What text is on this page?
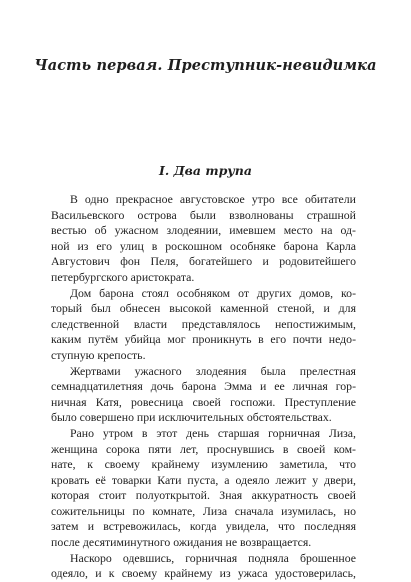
Часть первая. Преступник-невидимка
I. Два трупа

В одно прекрасное августовское утро все обитатели
Васильевского острова были взволнованы страшной
вестью об ужасном злодеянии, имевшем место на од-
ной из его улиц в роскошном особняке барона Карла
Августович фон Пеля, богатейшего и родовитейшего
петербургского аристократа.

Дом барона стоял особняком от других домов, ко-
торый был обнесен высокой каменной стеной, и для
следственной власти представлялось непостижимым,
каким путём убийца мог проникнуть в его почти недо-
ступную крепость.

Жертвами ужасного злодеяния была прелестная
семнадцатилетняя дочь барона Эмма и ее личная гор-
ничная Катя, ровесница своей госпожи. Преступление
было совершено при исключительных обстоятельствах.

Рано утром в этот день старшая горничная Лиза,
женщина сорока пяти лет, проснувшись в своей ком-
нате, к своему крайнему изумлению заметила, что
кровать её товарки Кати пуста, а одеяло лежит у двери,
которая стоит полуоткрытой. Зная аккуратность своей
сожительницы по комнате, Лиза сначала изумилась, но
затем и встревожилась, когда увидела, что последняя
после десятиминутного ожидания не возвращается.

Наскоро одевшись, горничная подняла брошенное
одеяло, и к своему крайнему из ужаса удостоверилась,
